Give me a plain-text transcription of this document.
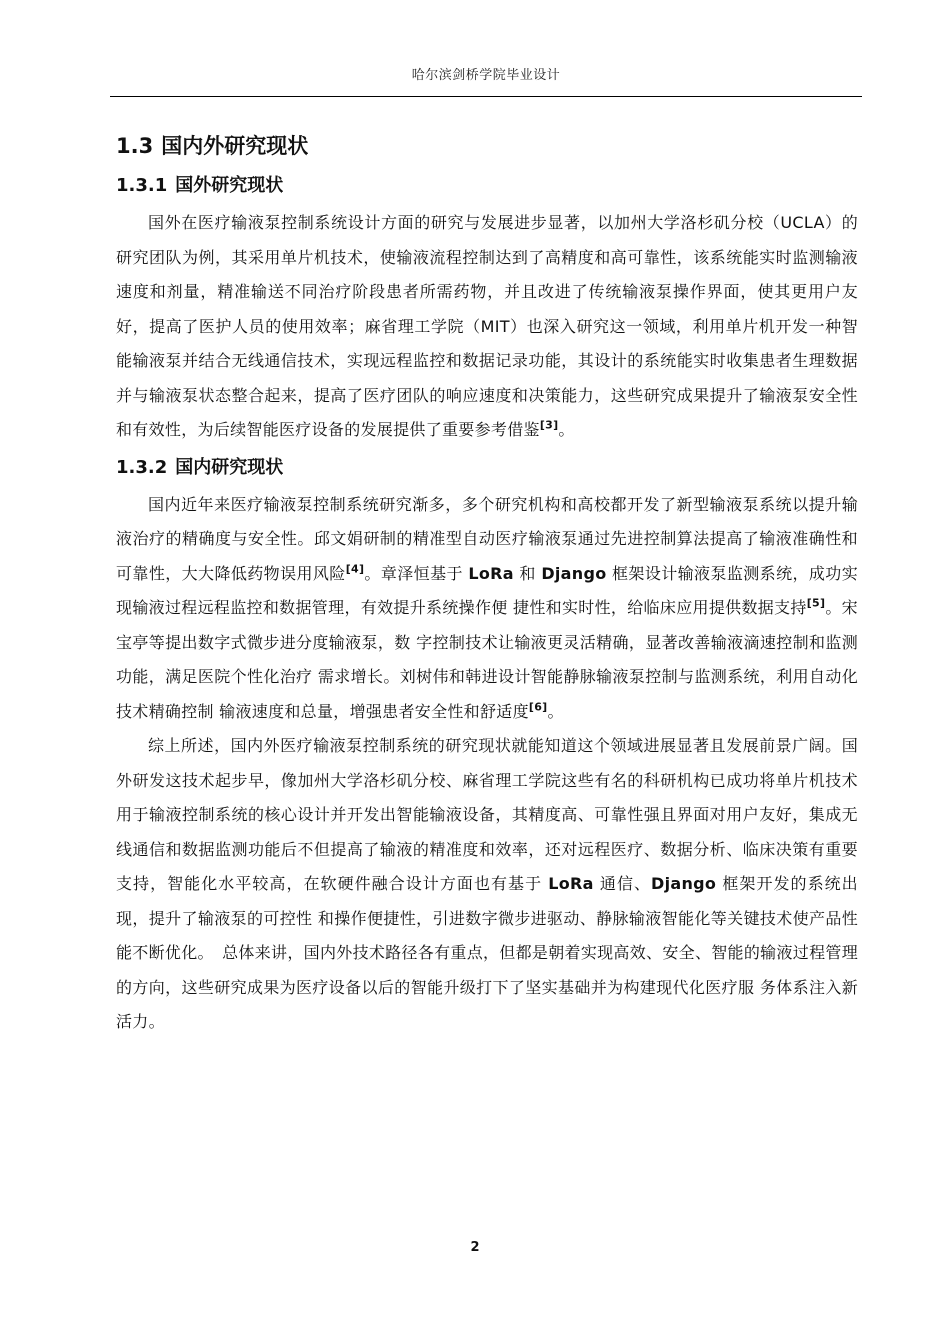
哈尔滨剑桥学院毕业设计
1.3 国内外研究现状
1.3.1 国外研究现状

国外在医疗输液泵控制系统设计方面的研究与发展进步显著，以加州大学洛杉矶分校（UCLA）的研究团队为例，其采用单片机技术，使输液流程控制达到了高精度和高可靠性，该系统能实时监测输液速度和剂量，精准输送不同治疗阶段患者所需药物，并且改进了传统输液泵操作界面，使其更用户友好，提高了医护人员的使用效率；麻省理工学院（MIT）也深入研究这一领域，利用单片机开发一种智能输液泵并结合无线通信技术，实现远程监控和数据记录功能，其设计的系统能实时收集患者生理数据并与输液泵状态整合起来，提高了医疗团队的响应速度和决策能力，这些研究成果提升了输液泵安全性和有效性，为后续智能医疗设备的发展提供了重要参考借鉴[3]。

1.3.2 国内研究现状

国内近年来医疗输液泵控制系统研究渐多，多个研究机构和高校都开发了新型输液泵系统以提升输液治疗的精确度与安全性。邱文娟研制的精准型自动医疗输液泵通过先进控制算法提高了输液准确性和可靠性，大大降低药物误用风险[4]。章泽恒基于 LoRa 和 Django 框架设计输液泵监测系统，成功实现输液过程远程监控和数据管理，有效提升系统操作便 捷性和实时性，给临床应用提供数据支持[5]。宋宝亭等提出数字式微步进分度输液泵，数 字控制技术让输液更灵活精确，显著改善输液滴速控制和监测功能，满足医院个性化治疗 需求增长。刘树伟和韩进设计智能静脉输液泵控制与监测系统，利用自动化技术精确控制 输液速度和总量，增强患者安全性和舒适度[6]。

综上所述，国内外医疗输液泵控制系统的研究现状就能知道这个领域进展显著且发展前景广阔。国外研发这技术起步早，像加州大学洛杉矶分校、麻省理工学院这些有名的科研机构已成功将单片机技术用于输液控制系统的核心设计并开发出智能输液设备，其精度高、可靠性强且界面对用户友好，集成无线通信和数据监测功能后不但提高了输液的精准度和效率，还对远程医疗、数据分析、临床决策有重要支持，智能化水平较高，在软硬件融合设计方面也有基于 LoRa 通信、Django 框架开发的系统出现，提升了输液泵的可控性 和操作便捷性，引进数字微步进驱动、静脉输液智能化等关键技术使产品性能不断优化。　总体来讲，国内外技术路径各有重点，但都是朝着实现高效、安全、智能的输液过程管理 的方向，这些研究成果为医疗设备以后的智能升级打下了坚实基础并为构建现代化医疗服 务体系注入新活力。

2
